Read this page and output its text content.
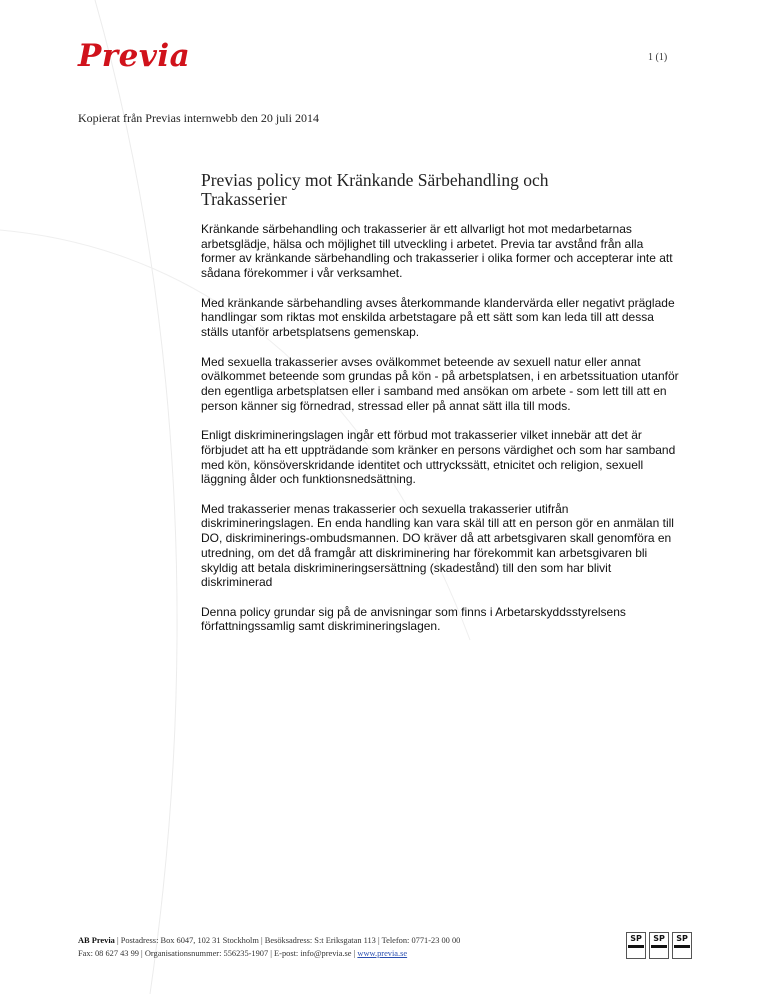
Previa	1 (1)
Kopierat från Previas internwebb den 20 juli 2014
Previas policy mot Kränkande Särbehandling och Trakasserier

Kränkande särbehandling och trakasserier är ett allvarligt hot mot medarbetarnas arbetsglädje, hälsa och möjlighet till utveckling i arbetet. Previa tar avstånd från alla former av kränkande särbehandling och trakasserier i olika former och accepterar inte att sådana förekommer i vår verksamhet.

Med kränkande särbehandling avses återkommande klandervärda eller negativt präglade handlingar som riktas mot enskilda arbetstagare på ett sätt som kan leda till att dessa ställs utanför arbetsplatsens gemenskap.

Med sexuella trakasserier avses ovälkommet beteende av sexuell natur eller annat ovälkommet beteende som grundas på kön - på arbetsplatsen, i en arbetssituation utanför den egentliga arbetsplatsen eller i samband med ansökan om arbete - som lett till att en person känner sig förnedrad, stressad eller på annat sätt illa till mods.

Enligt diskrimineringslagen ingår ett förbud mot trakasserier vilket innebär att det är förbjudet att ha ett uppträdande som kränker en persons värdighet och som har samband med kön, könsöverskridande identitet och uttryckssätt, etnicitet och religion, sexuell läggning ålder och funktionsnedsättning.

Med trakasserier menas trakasserier och sexuella trakasserier utifrån diskrimineringslagen. En enda handling kan vara skäl till att en person gör en anmälan till DO, diskriminerings-ombudsmannen. DO kräver då att arbetsgivaren skall genomföra en utredning, om det då framgår att diskriminering har förekommit kan arbetsgivaren bli skyldig att betala diskrimineringsersättning (skadestånd) till den som har blivit diskriminerad

Denna policy grundar sig på de anvisningar som finns i Arbetarskyddsstyrelsens författningssamlig samt diskrimineringslagen.

AB Previa | Postadress: Box 6047, 102 31 Stockholm | Besöksadress: S:t Eriksgatan 113 | Telefon: 0771-23 00 00
Fax: 08 627 43 99 | Organisationsnummer: 556235-1907 | E-post: info@previa.se | www.previa.se
SP SP SP
